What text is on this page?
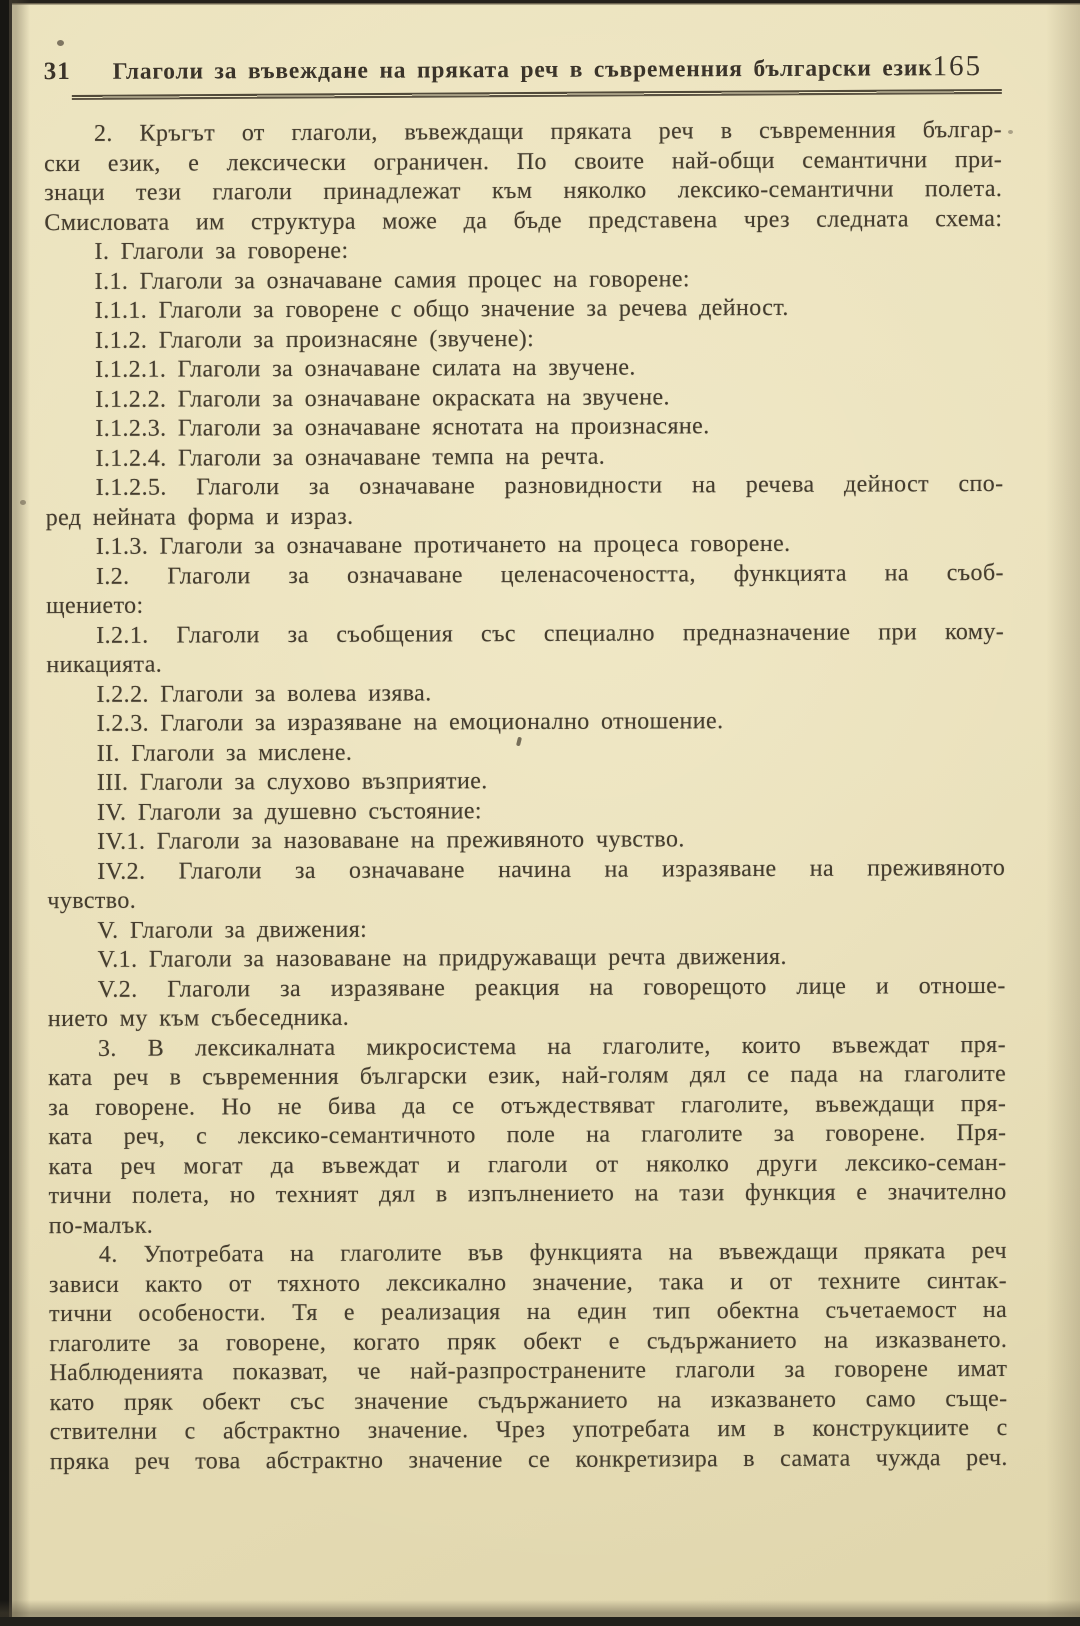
31 Глаголи за въвеждане на пряката реч в съвременния български език 165

2. Кръгът от глаголи, въвеждащи пряката реч в съвременния българ-

ски език, е лексически ограничен. По своите най-общи семантични при-

знаци тези глаголи принадлежат към няколко лексико-семантични полета.

Смисловата им структура може да бъде представена чрез следната схема:

I. Глаголи за говорене:

I.1. Глаголи за означаване самия процес на говорене:

I.1.1. Глаголи за говорене с общо значение за речева дейност.

I.1.2. Глаголи за произнасяне (звучене):

I.1.2.1. Глаголи за означаване силата на звучене.

I.1.2.2. Глаголи за означаване окраската на звучене.

I.1.2.3. Глаголи за означаване яснотата на произнасяне.

I.1.2.4. Глаголи за означаване темпа на речта.

I.1.2.5. Глаголи за означаване разновидности на речева дейност спо-

ред нейната форма и израз.

I.1.3. Глаголи за означаване протичането на процеса говорене.

I.2. Глаголи за означаване целенасочеността, функцията на съоб-

щението:

I.2.1. Глаголи за съобщения със специално предназначение при кому-

никацията.

I.2.2. Глаголи за волева изява.

I.2.3. Глаголи за изразяване на емоционално отношение.

II. Глаголи за мислене.

III. Глаголи за слухово възприятие.

IV. Глаголи за душевно състояние:

IV.1. Глаголи за назоваване на преживяното чувство.

IV.2. Глаголи за означаване начина на изразяване на преживяното

чувство.

V. Глаголи за движения:

V.1. Глаголи за назоваване на придружаващи речта движения.

V.2. Глаголи за изразяване реакция на говорещото лице и отноше-

нието му към събеседника.

3. В лексикалната микросистема на глаголите, които въвеждат пря-

ката реч в съвременния български език, най-голям дял се пада на глаголите

за говорене. Но не бива да се отъждествяват глаголите, въвеждащи пря-

ката реч, с лексико-семантичното поле на глаголите за говорене. Пря-

ката реч могат да въвеждат и глаголи от няколко други лексико-семан-

тични полета, но техният дял в изпълнението на тази функция е значително

по-малък.

4. Употребата на глаголите във функцията на въвеждащи пряката реч

зависи както от тяхното лексикално значение, така и от техните синтак-

тични особености. Тя е реализация на един тип обектна съчетаемост на

глаголите за говорене, когато пряк обект е съдържанието на изказването.

Наблюденията показват, че най-разпространените глаголи за говорене имат

като пряк обект със значение съдържанието на изказването само съще-

ствителни с абстрактно значение. Чрез употребата им в конструкциите с

пряка реч това абстрактно значение се конкретизира в самата чужда реч.
